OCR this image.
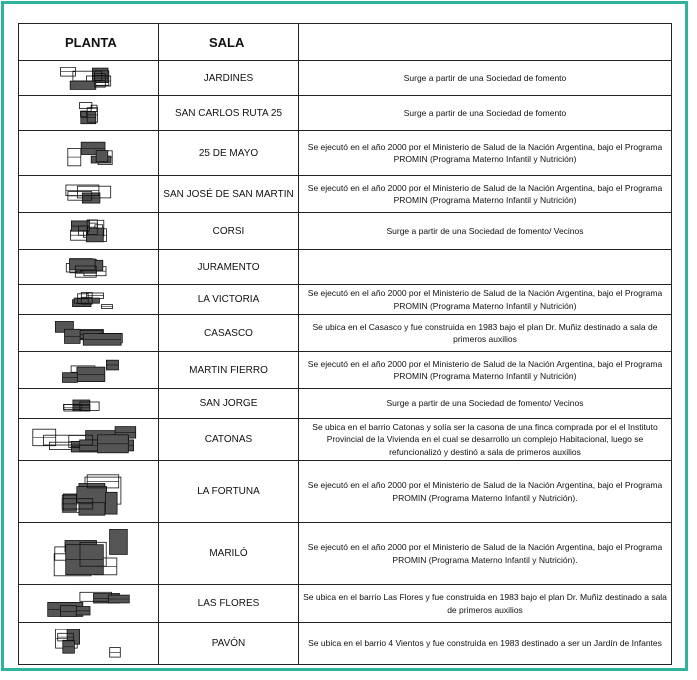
PLANTA	SALA	

	JARDINES	Surge a partir de una Sociedad de fomento

	SAN CARLOS RUTA 25	Surge a partir de una Sociedad de fomento

	25 DE MAYO	Se ejecutó en el año 2000 por el Ministerio de Salud de la Nación Argentina, bajo el Programa PROMIN (Programa Materno Infantil y Nutrición)

	SAN JOSÉ DE SAN MARTIN	Se ejecutó en el año 2000 por el Ministerio de Salud de la Nación Argentina, bajo el Programa PROMIN (Programa Materno Infantil y Nutrición)

	CORSI	Surge a partir de una Sociedad de fomento/ Vecinos

	JURAMENTO	

	LA VICTORIA	Se ejecutó en el año 2000 por el Ministerio de Salud de la Nación Argentina, bajo el Programa PROMIN (Programa Materno Infantil y Nutrición)

	CASASCO	Se ubica en el Casasco y fue construida en 1983 bajo el plan Dr. Muñiz destinado a sala de primeros auxilios

	MARTIN FIERRO	Se ejecutó en el año 2000 por el Ministerio de Salud de la Nación Argentina, bajo el Programa PROMIN (Programa Materno Infantil y Nutrición)

	SAN JORGE	Surge a partir de una Sociedad de fomento/ Vecinos

	CATONAS	Se ubica en el barrio Catonas y solía ser la casona de una finca comprada por el el Instituto Provincial de la Vivienda en el cual se desarrollo un complejo Habitacional, luego se refuncionalizó y destinó a sala de primeros auxilios

	LA FORTUNA	Se ejecutó en el año 2000 por el Ministerio de Salud de la Nación Argentina, bajo el Programa PROMIN (Programa Materno Infantil y Nutrición).

	MARILÓ	Se ejecutó en el año 2000 por el Ministerio de Salud de la Nación Argentina, bajo el Programa PROMIN (Programa Materno Infantil y Nutrición).

	LAS FLORES	Se ubica en el barrio Las Flores y fue construida en 1983 bajo el plan Dr. Muñiz destinado a sala de primeros auxilios

	PAVÓN	Se ubica en el barrio 4 Vientos y fue construida en 1983 destinado a ser un Jardín de Infantes
